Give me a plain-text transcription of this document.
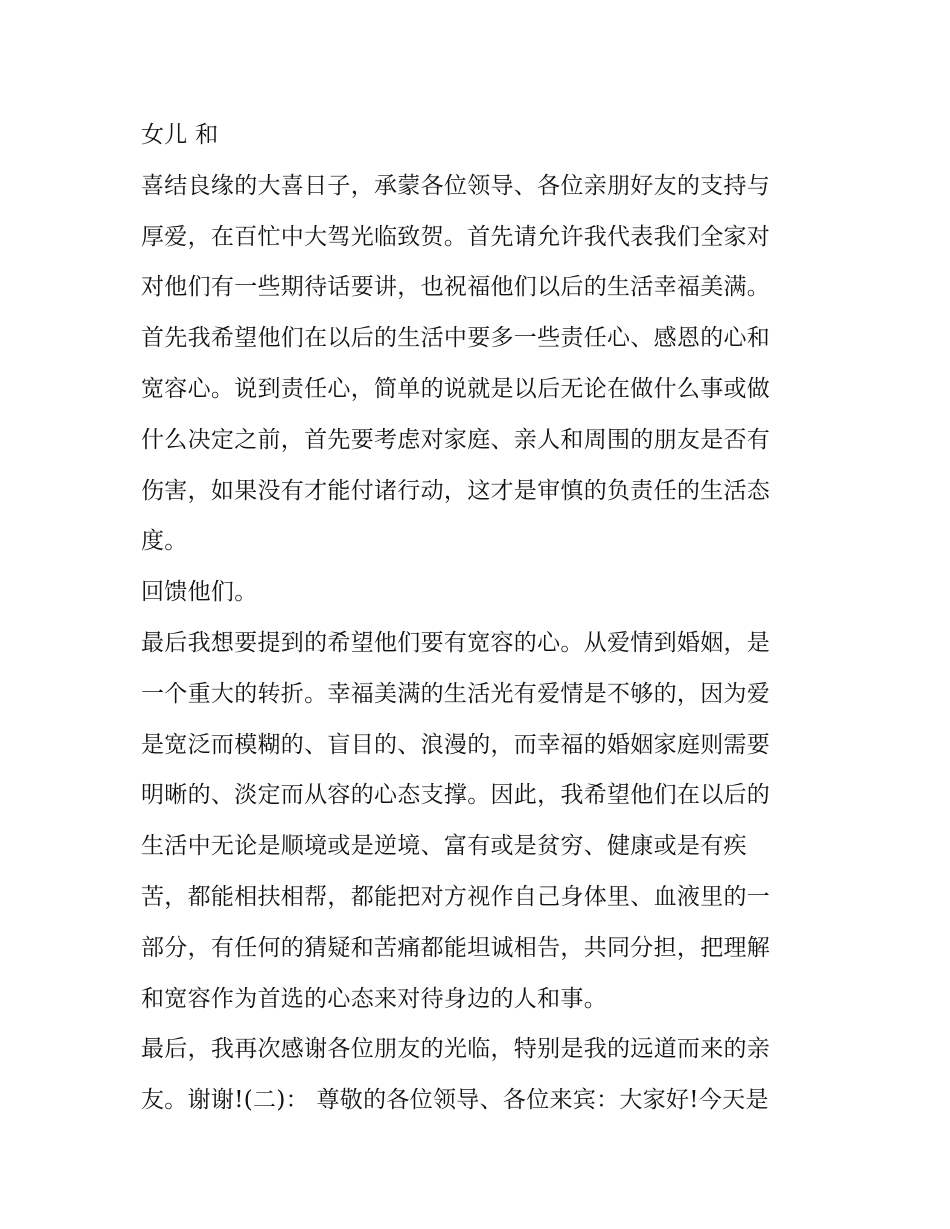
女儿 和
喜结良缘的大喜日子，承蒙各位领导、各位亲朋好友的支持与
厚爱，在百忙中大驾光临致贺。首先请允许我代表我们全家对
对他们有一些期待话要讲，也祝福他们以后的生活幸福美满。
首先我希望他们在以后的生活中要多一些责任心、感恩的心和
宽容心。说到责任心，简单的说就是以后无论在做什么事或做
什么决定之前，首先要考虑对家庭、亲人和周围的朋友是否有
伤害，如果没有才能付诸行动，这才是审慎的负责任的生活态
度。
回馈他们。
最后我想要提到的希望他们要有宽容的心。从爱情到婚姻，是
一个重大的转折。幸福美满的生活光有爱情是不够的，因为爱
是宽泛而模糊的、盲目的、浪漫的，而幸福的婚姻家庭则需要
明晰的、淡定而从容的心态支撑。因此，我希望他们在以后的
生活中无论是顺境或是逆境、富有或是贫穷、健康或是有疾
苦，都能相扶相帮，都能把对方视作自己身体里、血液里的一
部分，有任何的猜疑和苦痛都能坦诚相告，共同分担，把理解
和宽容作为首选的心态来对待身边的人和事。
最后，我再次感谢各位朋友的光临，特别是我的远道而来的亲
友。谢谢!(二)： 尊敬的各位领导、各位来宾：大家好!今天是
